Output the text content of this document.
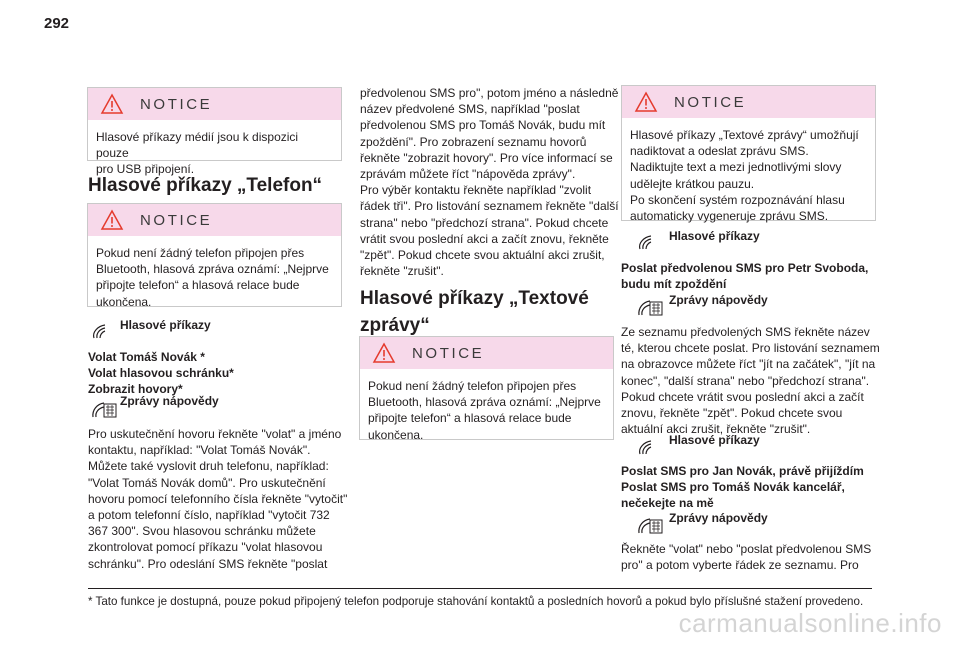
292
NOTICE
Hlasové příkazy médií jsou k dispozici pouze
pro USB připojení.
Hlasové příkazy „Telefon“
NOTICE
Pokud není žádný telefon připojen přes
Bluetooth, hlasová zpráva oznámí: „Nejprve
připojte telefon“ a hlasová relace bude
ukončena.
Hlasové příkazy
Volat Tomáš Novák *
Volat hlasovou schránku*
Zobrazit hovory*
Zprávy nápovědy
Pro uskutečnění hovoru řekněte "volat" a jméno
kontaktu, například: "Volat Tomáš Novák".
Můžete také vyslovit druh telefonu, například:
"Volat Tomáš Novák domů". Pro uskutečnění
hovoru pomocí telefonního čísla řekněte "vytočit"
a potom telefonní číslo, například "vytočit 732
367 300". Svou hlasovou schránku můžete
zkontrolovat pomocí příkazu "volat hlasovou
schránku". Pro odeslání SMS řekněte "poslat
předvolenou SMS pro", potom jméno a následně
název předvolené SMS, například "poslat
předvolenou SMS pro Tomáš Novák, budu mít
zpoždění". Pro zobrazení seznamu hovorů
řekněte "zobrazit hovory". Pro více informací se
zprávám můžete říct "nápověda zprávy".
Pro výběr kontaktu řekněte například "zvolit
řádek tři". Pro listování seznamem řekněte "další
strana" nebo "předchozí strana". Pokud chcete
vrátit svou poslední akci a začít znovu, řekněte
"zpět". Pokud chcete svou aktuální akci zrušit,
řekněte "zrušit".
Hlasové příkazy „Textové
zprávy“
NOTICE
Pokud není žádný telefon připojen přes
Bluetooth, hlasová zpráva oznámí: „Nejprve
připojte telefon“ a hlasová relace bude
ukončena.
NOTICE
Hlasové příkazy „Textové zprávy“ umožňují
nadiktovat a odeslat zprávu SMS.
Nadiktujte text a mezi jednotlivými slovy
udělejte krátkou pauzu.
Po skončení systém rozpoznávání hlasu
automaticky vygeneruje zprávu SMS.
Hlasové příkazy
Poslat předvolenou SMS pro Petr Svoboda,
budu mít zpoždění
Zprávy nápovědy
Ze seznamu předvolených SMS řekněte název
té, kterou chcete poslat. Pro listování seznamem
na obrazovce můžete říct "jít na začátek", "jít na
konec", "další strana" nebo "předchozí strana".
Pokud chcete vrátit svou poslední akci a začít
znovu, řekněte "zpět". Pokud chcete svou
aktuální akci zrušit, řekněte "zrušit".
Hlasové příkazy
Poslat SMS pro Jan Novák, právě přijíždím
Poslat SMS pro Tomáš Novák kancelář,
nečekejte na mě
Zprávy nápovědy
Řekněte "volat" nebo "poslat předvolenou SMS
pro" a potom vyberte řádek ze seznamu. Pro
* Tato funkce je dostupná, pouze pokud připojený telefon podporuje stahování kontaktů a posledních hovorů a pokud bylo příslušné stažení provedeno.
carmanualsonline.info
